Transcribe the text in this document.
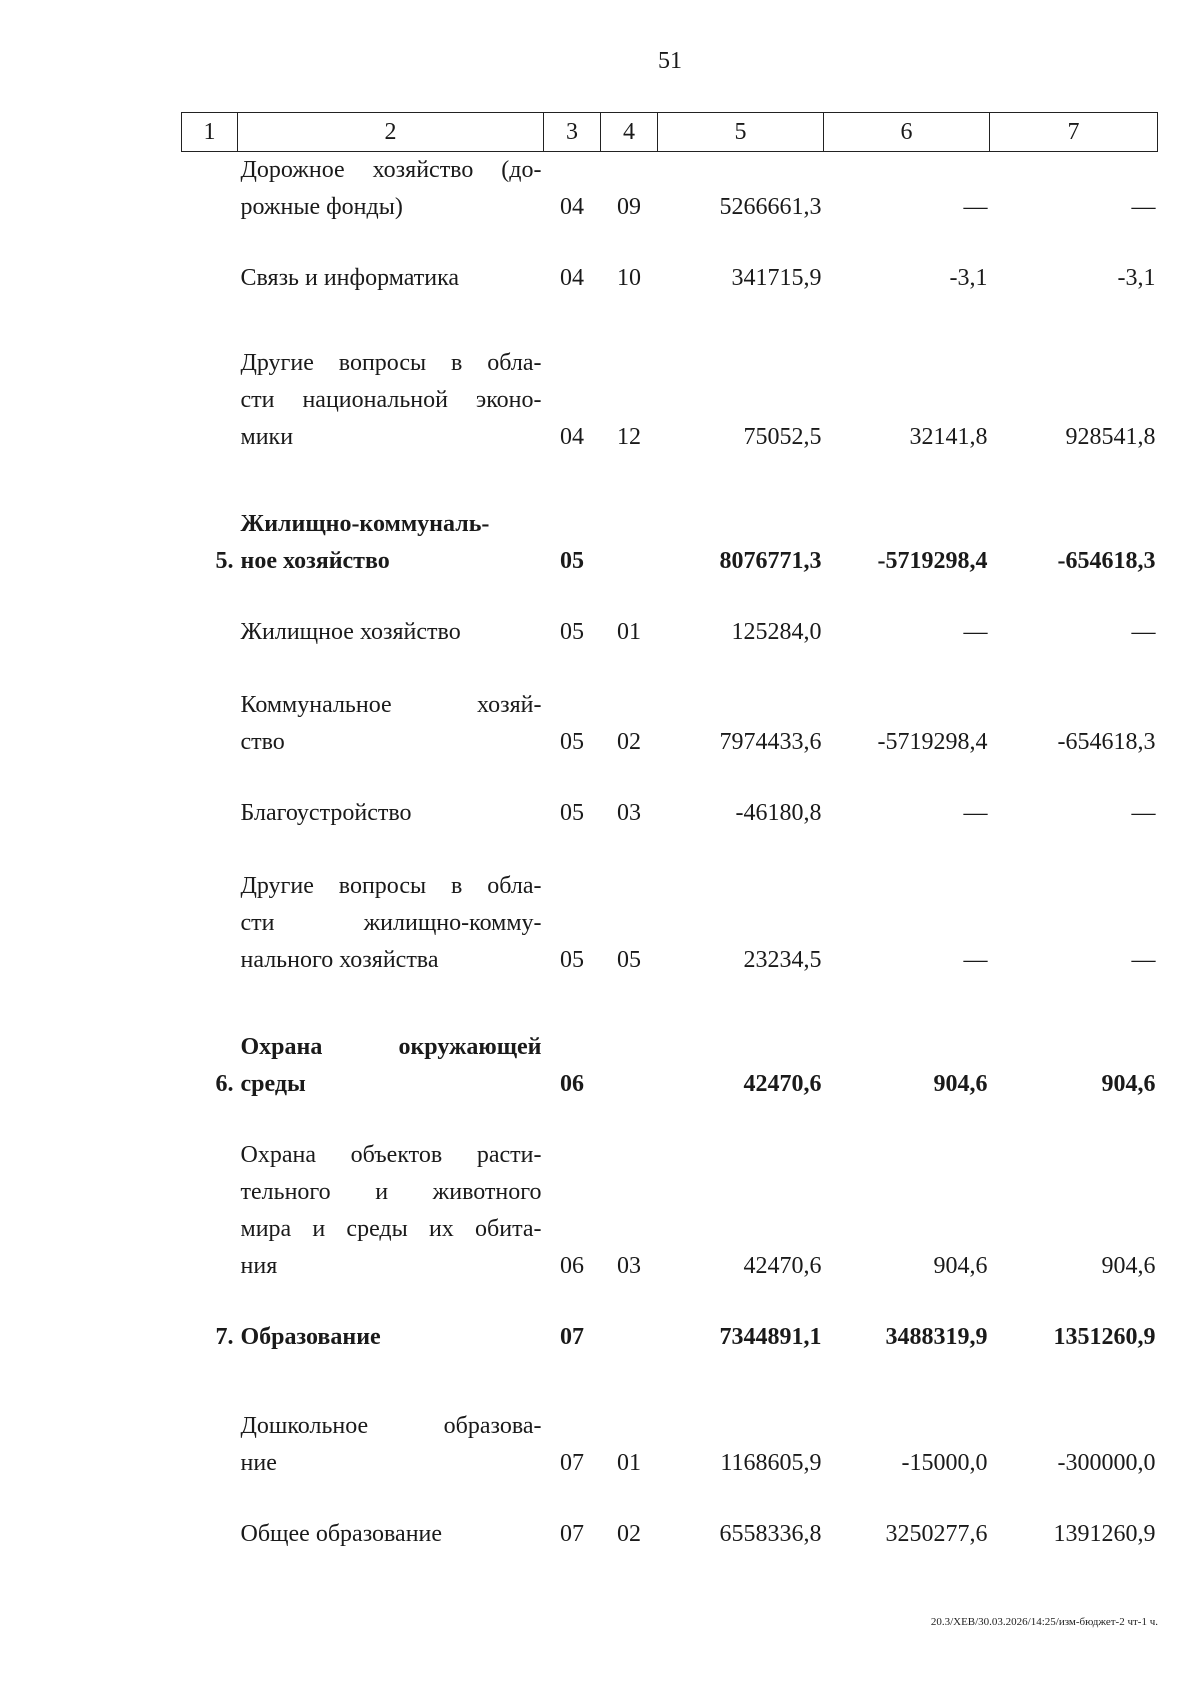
51
1	2	3	4	5	6	7

	Дорожное хозяйство (до-
рожные фонды)	04	09	5266661,3	—	—

	Связь и информатика	04	10	341715,9	-3,1	-3,1

	Другие вопросы в обла-
сти национальной эконо-
мики	04	12	75052,5	32141,8	928541,8

5.	Жилищно-коммуналь-
ное хозяйство	05		8076771,3	-5719298,4	-654618,3

	Жилищное хозяйство	05	01	125284,0	—	—

	Коммунальное хозяй-
ство	05	02	7974433,6	-5719298,4	-654618,3

	Благоустройство	05	03	-46180,8	—	—

	Другие вопросы в обла-
сти жилищно-комму-
нального хозяйства	05	05	23234,5	—	—

6.	Охрана окружающей
среды	06		42470,6	904,6	904,6

	Охрана объектов расти-
тельного и животного
мира и среды их обита-
ния	06	03	42470,6	904,6	904,6

7.	Образование	07		7344891,1	3488319,9	1351260,9

	Дошкольное образова-
ние	07	01	1168605,9	-15000,0	-300000,0

	Общее образование	07	02	6558336,8	3250277,6	1391260,9
20.3/ХЕВ/30.03.2026/14:25/изм-бюджет-2 чт-1 ч.
